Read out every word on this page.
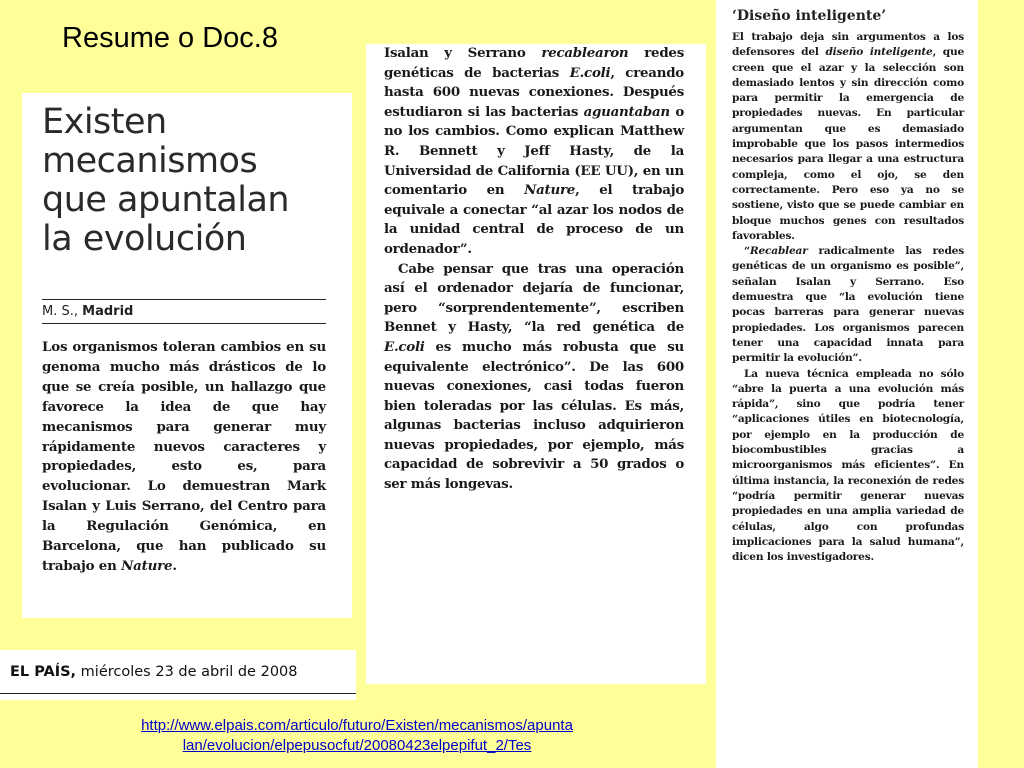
Resume o Doc.8
Existen
mecanismos
que apuntalan
la evolución
M. S., Madrid
Los organismos toleran cambios en su genoma mucho más drásticos de lo que se creía posible, un hallazgo que favorece la idea de que hay mecanismos para generar muy rápidamente nuevos caracteres y propiedades, esto es, para evolucionar. Lo demuestran Mark Isalan y Luis Serrano, del Centro para la Regulación Genómica, en Barcelona, que han publicado su trabajo en Nature.
EL PAÍS, miércoles 23 de abril de 2008
Isalan y Serrano recablearon redes genéticas de bacterias E.coli, creando hasta 600 nuevas conexiones. Después estudiaron si las bacterias aguantaban o no los cambios. Como explican Matthew R. Bennett y Jeff Hasty, de la Universidad de California (EE UU), en un comentario en Nature, el trabajo equivale a conectar “al azar los nodos de la unidad central de proceso de un ordenador”.
Cabe pensar que tras una operación así el ordenador dejaría de funcionar, pero “sorprendentemente”, escriben Bennet y Hasty, “la red genética de E.coli es mucho más robusta que su equivalente electrónico”. De las 600 nuevas conexiones, casi todas fueron bien toleradas por las células. Es más, algunas bacterias incluso adquirieron nuevas propiedades, por ejemplo, más capacidad de sobrevivir a 50 grados o ser más longevas.
‘Diseño inteligente’
El trabajo deja sin argumentos a los defensores del diseño inteligente, que creen que el azar y la selección son demasiado lentos y sin dirección como para permitir la emergencia de propiedades nuevas. En particular argumentan que es demasiado improbable que los pasos intermedios necesarios para llegar a una estructura compleja, como el ojo, se den correctamente. Pero eso ya no se sostiene, visto que se puede cambiar en bloque muchos genes con resultados favorables.
“Recablear radicalmente las redes genéticas de un organismo es posible”, señalan Isalan y Serrano. Eso demuestra que “la evolución tiene pocas barreras para generar nuevas propiedades. Los organismos parecen tener una capacidad innata para permitir la evolución”.
La nueva técnica empleada no sólo “abre la puerta a una evolución más rápida”, sino que podría tener “aplicaciones útiles en biotecnología, por ejemplo en la producción de biocombustibles gracias a microorganismos más eficientes”. En última instancia, la reconexión de redes “podría permitir generar nuevas propiedades en una amplia variedad de células, algo con profundas implicaciones para la salud humana”, dicen los investigadores.
http://www.elpais.com/articulo/futuro/Existen/mecanismos/apunta
lan/evolucion/elpepusocfut/20080423elpepifut_2/Tes
